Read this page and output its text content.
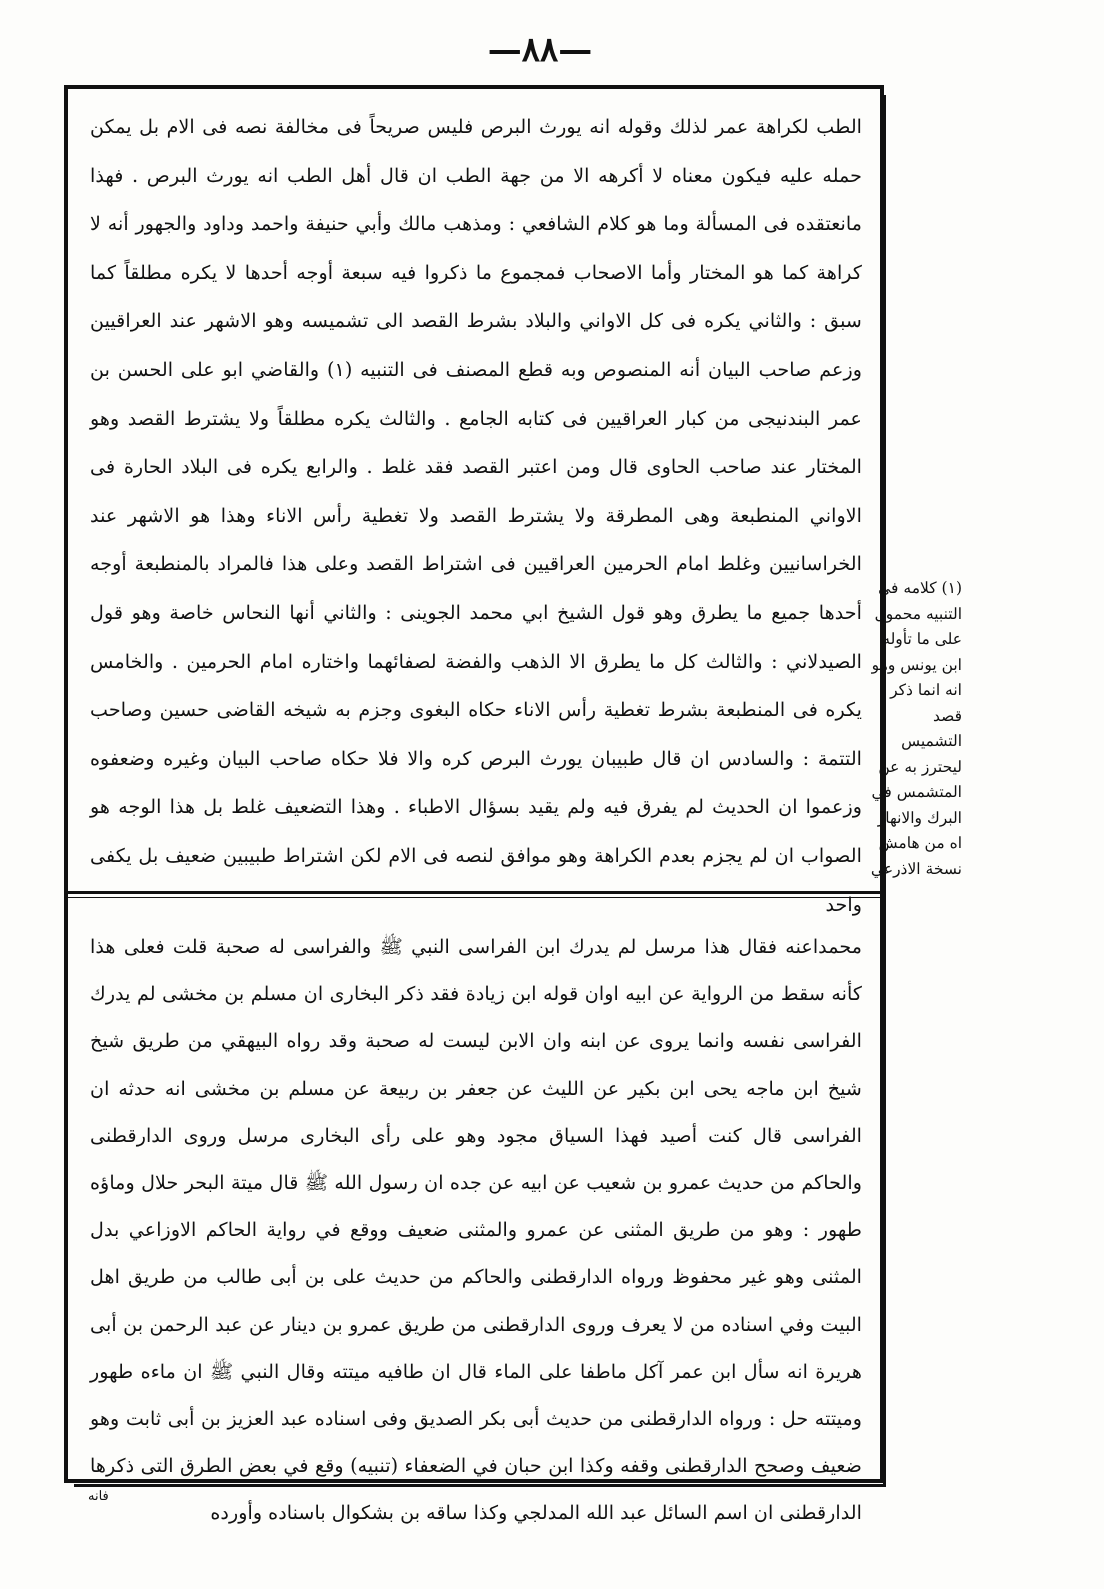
—٨٨—

الطب لكراهة عمر لذلك وقوله انه يورث البرص فليس صريحاً فى مخالفة نصه فى الام بل يمكن حمله عليه فيكون معناه لا أكرهه الا من جهة الطب ان قال أهل الطب انه يورث البرص . فهذا مانعتقده فى المسألة وما هو كلام الشافعي : ومذهب مالك وأبي حنيفة واحمد وداود والجهور أنه لا كراهة كما هو المختار وأما الاصحاب فمجموع ما ذكروا فيه سبعة أوجه أحدها لا يكره مطلقاً كما سبق : والثاني يكره فى كل الاواني والبلاد بشرط القصد الى تشميسه وهو الاشهر عند العراقيين وزعم صاحب البيان أنه المنصوص وبه قطع المصنف فى التنبيه (١) والقاضي ابو على الحسن بن عمر البندنيجى من كبار العراقيين فى كتابه الجامع . والثالث يكره مطلقاً ولا يشترط القصد وهو المختار عند صاحب الحاوى قال ومن اعتبر القصد فقد غلط . والرابع يكره فى البلاد الحارة فى الاواني المنطبعة وهى المطرقة ولا يشترط القصد ولا تغطية رأس الاناء وهذا هو الاشهر عند الخراسانيين وغلط امام الحرمين العراقيين فى اشتراط القصد وعلى هذا فالمراد بالمنطبعة أوجه أحدها جميع ما يطرق وهو قول الشيخ ابي محمد الجوينى : والثاني أنها النحاس خاصة وهو قول الصيدلاني : والثالث كل ما يطرق الا الذهب والفضة لصفائهما واختاره امام الحرمين . والخامس يكره فى المنطبعة بشرط تغطية رأس الاناء حكاه البغوى وجزم به شيخه القاضى حسين وصاحب التتمة : والسادس ان قال طبيبان يورث البرص كره والا فلا حكاه صاحب البيان وغيره وضعفوه وزعموا ان الحديث لم يفرق فيه ولم يقيد بسؤال الاطباء . وهذا التضعيف غلط بل هذا الوجه هو الصواب ان لم يجزم بعدم الكراهة وهو موافق لنصه فى الام لكن اشتراط طبيبين ضعيف بل يكفى واحد

محمداعنه فقال هذا مرسل لم يدرك ابن الفراسى النبي ﷺ والفراسى له صحبة قلت فعلى هذا كأنه سقط من الرواية عن ابيه اوان قوله ابن زيادة فقد ذكر البخارى ان مسلم بن مخشى لم يدرك الفراسى نفسه وانما يروى عن ابنه وان الابن ليست له صحبة وقد رواه البيهقي من طريق شيخ شيخ ابن ماجه يحى ابن بكير عن الليث عن جعفر بن ربيعة عن مسلم بن مخشى انه حدثه ان الفراسى قال كنت أصيد فهذا السياق مجود وهو على رأى البخارى مرسل وروى الدارقطنى والحاكم من حديث عمرو بن شعيب عن ابيه عن جده ان رسول الله ﷺ قال ميتة البحر حلال وماؤه طهور : وهو من طريق المثنى عن عمرو والمثنى ضعيف ووقع في رواية الحاكم الاوزاعي بدل المثنى وهو غير محفوظ ورواه الدارقطنى والحاكم من حديث على بن أبى طالب من طريق اهل البيت وفي اسناده من لا يعرف وروى الدارقطنى من طريق عمرو بن دينار عن عبد الرحمن بن أبى هريرة انه سأل ابن عمر آكل ماطفا على الماء قال ان طافيه ميتته وقال النبي ﷺ ان ماءه طهور وميتته حل : ورواه الدارقطنى من حديث أبى بكر الصديق وفى اسناده عبد العزيز بن أبى ثابت وهو ضعيف وصحح الدارقطنى وقفه وكذا ابن حبان في الضعفاء (تنبيه) وقع في بعض الطرق التى ذكرها الدارقطنى ان اسم السائل عبد الله المدلجي وكذا ساقه بن بشكوال باسناده وأورده

(١) كلامه في التنبيه محمول على ما تأوله ابن يونس وهو انه انما ذكر قصد التشميس ليحترز به عن المتشمس في البرك والانهار اه من هامش نسخة الاذرعي
فانه
